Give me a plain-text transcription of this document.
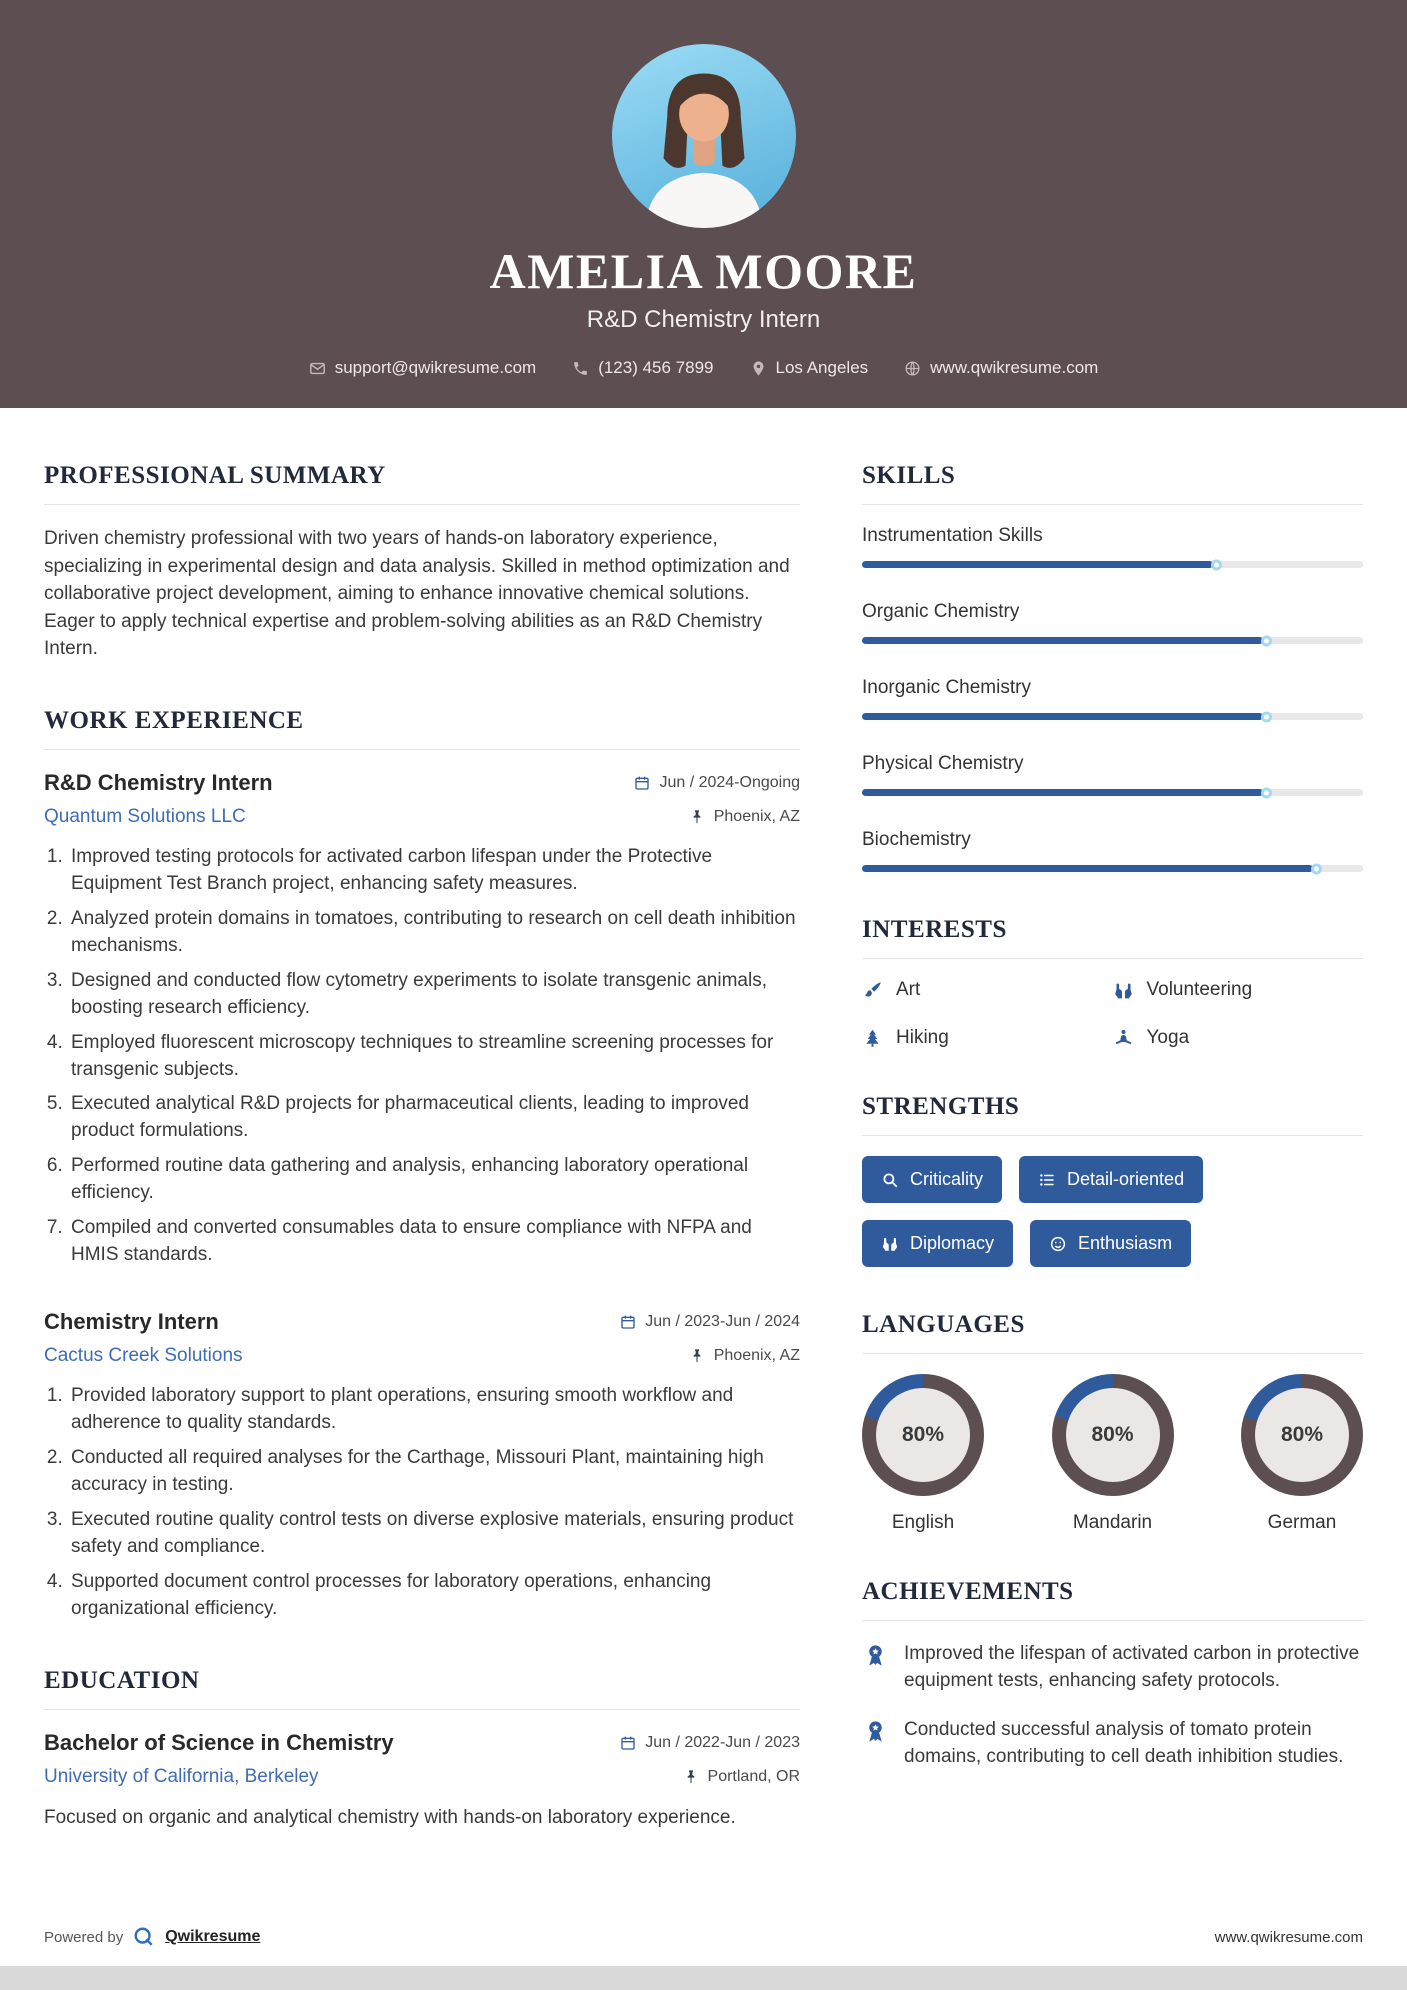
AMELIA MOORE
R&D Chemistry Intern
support@qwikresume.com	(123) 456 7899	Los Angeles	www.qwikresume.com
PROFESSIONAL SUMMARY

Driven chemistry professional with two years of hands-on laboratory experience, specializing in experimental design and data analysis. Skilled in method optimization and collaborative project development, aiming to enhance innovative chemical solutions. Eager to apply technical expertise and problem-solving abilities as an R&D Chemistry Intern.

WORK EXPERIENCE
R&D Chemistry Intern	Jun / 2024-Ongoing
Quantum Solutions LLC	Phoenix, AZ
1. Improved testing protocols for activated carbon lifespan under the Protective Equipment Test Branch project, enhancing safety measures.
2. Analyzed protein domains in tomatoes, contributing to research on cell death inhibition mechanisms.
3. Designed and conducted flow cytometry experiments to isolate transgenic animals, boosting research efficiency.
4. Employed fluorescent microscopy techniques to streamline screening processes for transgenic subjects.
5. Executed analytical R&D projects for pharmaceutical clients, leading to improved product formulations.
6. Performed routine data gathering and analysis, enhancing laboratory operational efficiency.
7. Compiled and converted consumables data to ensure compliance with NFPA and HMIS standards.
Chemistry Intern	Jun / 2023-Jun / 2024
Cactus Creek Solutions	Phoenix, AZ
1. Provided laboratory support to plant operations, ensuring smooth workflow and adherence to quality standards.
2. Conducted all required analyses for the Carthage, Missouri Plant, maintaining high accuracy in testing.
3. Executed routine quality control tests on diverse explosive materials, ensuring product safety and compliance.
4. Supported document control processes for laboratory operations, enhancing organizational efficiency.
EDUCATION
Bachelor of Science in Chemistry	Jun / 2022-Jun / 2023
University of California, Berkeley	Portland, OR

Focused on organic and analytical chemistry with hands-on laboratory experience.

SKILLS
Instrumentation Skills
Organic Chemistry
Inorganic Chemistry
Physical Chemistry
Biochemistry
INTERESTS
Art	Volunteering
Hiking	Yoga
STRENGTHS
Criticality	Detail-oriented
Diplomacy	Enthusiasm
LANGUAGES
80%
English
80%
Mandarin
80%
German
ACHIEVEMENTS
Improved the lifespan of activated carbon in protective equipment tests, enhancing safety protocols.
Conducted successful analysis of tomato protein domains, contributing to cell death inhibition studies.
Powered by	Qwikresume	www.qwikresume.com
